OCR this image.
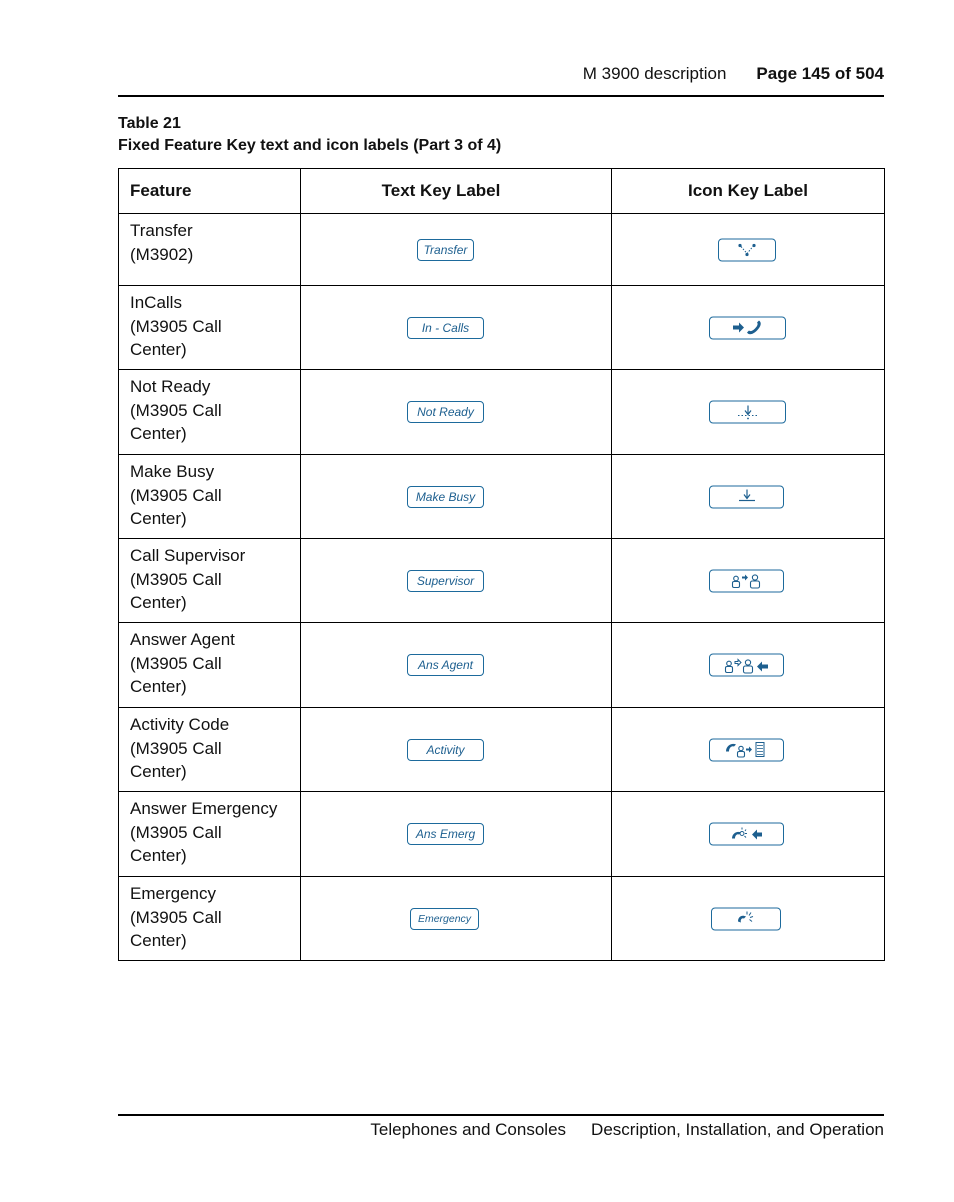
M 3900 description Page 145 of 504
Table 21
Fixed Feature Key text and icon labels (Part 3 of 4)
Feature	Text Key Label	Icon Key Label

Transfer
(M3902)	Transfer

InCalls
(M3905 Call
Center)	In - Calls

Not Ready
(M3905 Call
Center)	Not Ready

Make Busy
(M3905 Call
Center)	Make Busy

Call Supervisor
(M3905 Call
Center)	Supervisor

Answer Agent
(M3905 Call
Center)	Ans Agent

Activity Code
(M3905 Call
Center)	Activity

Answer Emergency
(M3905 Call
Center)	Ans Emerg

Emergency
(M3905 Call
Center)	Emergency

Telephones and Consoles Description, Installation, and Operation
